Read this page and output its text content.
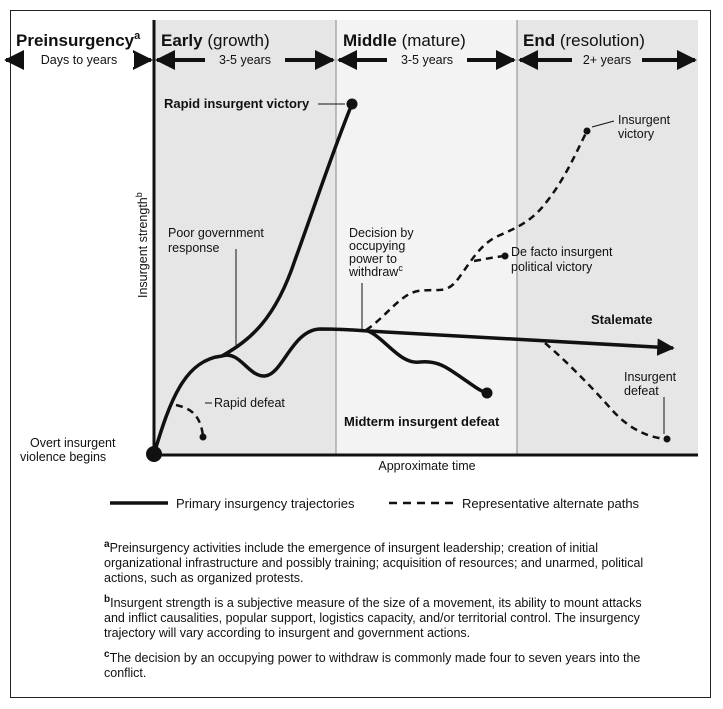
Preinsurgency$^a$ Early (growth)	Middle (mature)	End (resolution)
Days to years	3-5 years	3-5 years	2+ years
Insurgent strength$^b$
Approximate time
Rapid insurgent victory
Poor government response
Rapid defeat
Overt insurgent violence begins
Decision by occupying power to withdraw$^c$
Midterm insurgent defeat
Stalemate
Insurgent victory
De facto insurgent political victory
Insurgent defeat
Primary insurgency trajectories	Representative alternate paths

$^a$Preinsurgency activities include the emergence of insurgent leadership; creation of initial organizational infrastructure and possibly training; acquisition of resources; and unarmed, political actions, such as organized protests.

$^b$Insurgent strength is a subjective measure of the size of a movement, its ability to mount attacks and inflict causalities, popular support, logistics capacity, and/or territorial control. The insurgency trajectory will vary according to insurgent and government actions.

$^c$The decision by an occupying power to withdraw is commonly made four to seven years into the conflict.
